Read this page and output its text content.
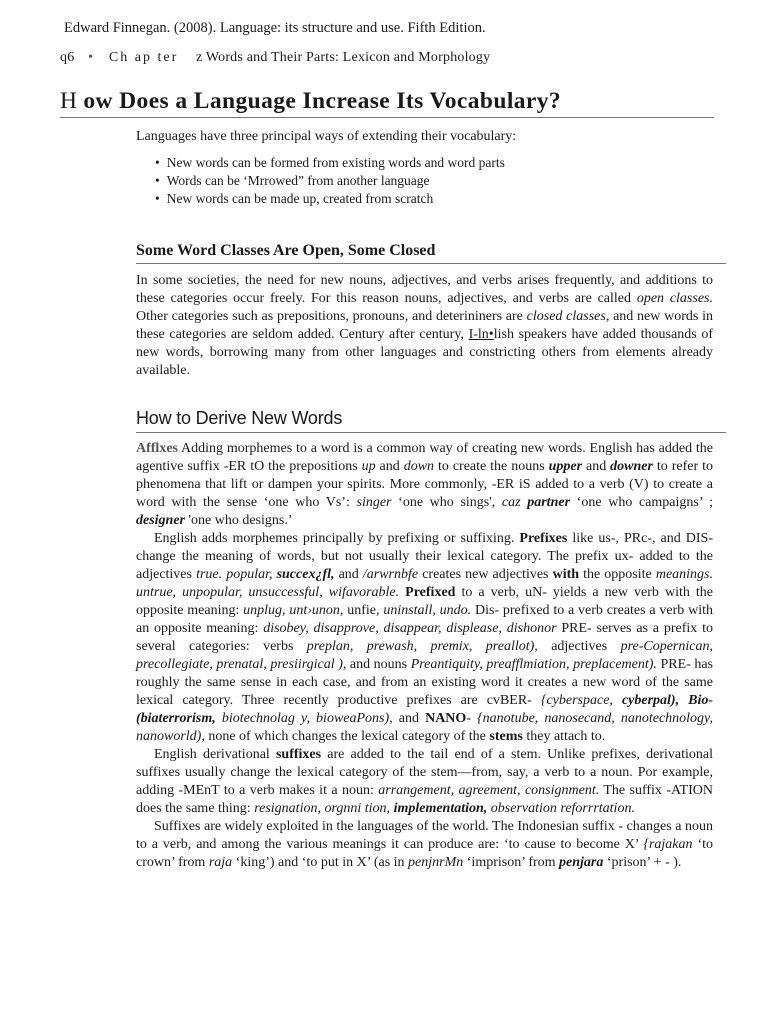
Edward Finnegan. (2008). Language: its structure and use. Fifth Edition.
q6 • Ch ap ter z Words and Their Parts: Lexicon and Morphology
H ow Does a Language Increase Its Vocabulary?
Languages have three principal ways of extending their vocabulary:
• New words can be formed from existing words and word parts
• Words can be ‘Mrrowed” from another language
• New words can be made up, created from scratch
Some Word Classes Are Open, Some Closed
In some societies, the need for new nouns, adjectives, and verbs arises frequently, and additions to these categories occur freely. For this reason nouns, adjectives, and verbs are called open classes. Other categories such as prepositions, pronouns, and deterininers are closed classes, and new words in these categories are seldom added. Century after century, I-ln•lish speakers have added thousands of new words, borrowing many from other languages and constricting others from elements already available.
How to Derive New Words

Afflxes Adding morphemes to a word is a common way of creating new words. English has added the agentive suffix -ER tO the prepositions up and down to create the nouns upper and downer to refer to phenomena that lift or dampen your spirits. More commonly, -ER iS added to a verb (V) to create a word with the sense ‘one who Vs’: singer ‘one who sings', caz partner ‘one who campaigns’ ; designer 'one who designs.’

English adds morphemes principally by prefixing or suffixing. Prefixes like us-, PRc-, and DIS- change the meaning of words, but not usually their lexical category. The prefix ux- added to the adjectives true. popular, succex¿fl, and /arwrnbfe creates new adjectives with the opposite meanings. untrue, unpopular, unsuccessful, wifavorable. Prefixed to a verb, uN- yields a new verb with the opposite meaning: unplug, unt›unon, unfie, uninstall, undo. Dis- prefixed to a verb creates a verb with an opposite meaning: disobey, disapprove, disappear, displease, dishonor PRE- serves as a prefix to several categories: verbs preplan, prewash, premix, preallot), adjectives pre-Copernican, precollegiate, prenatal, presiirgical ), and nouns Preantiquity, preafflmiation, preplacement). PRE- has roughly the same sense in each case, and from an existing word it creates a new word of the same lexical category. Three recently productive prefixes are cvBER- {cyberspace, cyberpal), Bio- (biaterrorism, biotechnolag y, bioweaPons), and NANO- {nanotube, nanosecand, nanotechnology, nanoworld), none of which changes the lexical category of the stems they attach to.

English derivational suffixes are added to the tail end of a stem. Unlike prefixes, derivational suffixes usually change the lexical category of the stem—from, say, a verb to a noun. Por example, adding -MEnT to a verb makes it a noun: arrangement, agreement, consignment. The suffix -ATION does the same thing: resignation, orgnni tion, implementation, observation reforrrtation.

Suffixes are widely exploited in the languages of the world. The Indonesian suffix - changes a noun to a verb, and among the various meanings it can produce are: ‘to cause to become X’ {rajakan ‘to crown’ from raja ‘king’) and ‘to put in X’ (as in penjnrMn ‘imprison’ from penjara ‘prison’ + - ).
